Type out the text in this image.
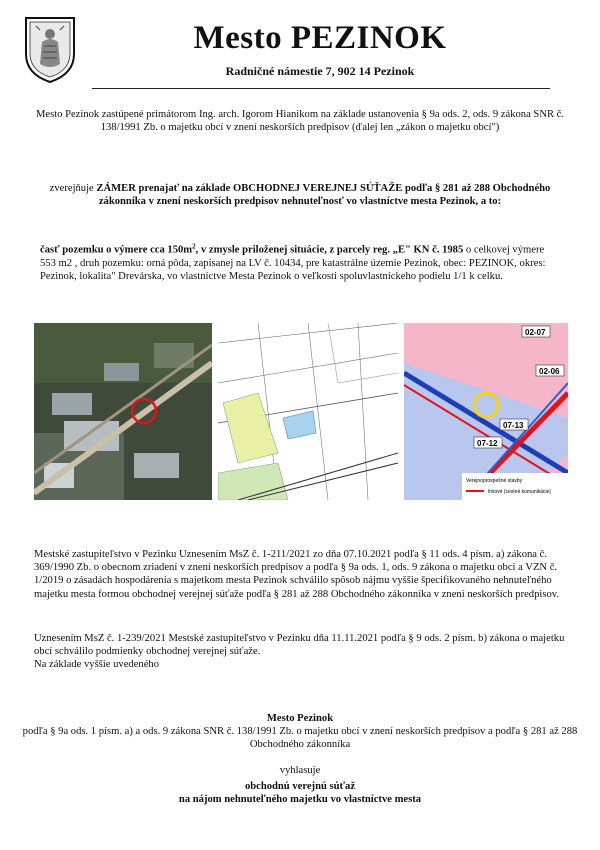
Mesto PEZINOK
Radničné námestie 7, 902 14 Pezinok

Mesto Pezinok zastúpené primátorom Ing. arch. Igorom Hianikom na základe ustanovenia § 9a ods. 2, ods. 9 zákona SNR č. 138/1991 Zb. o majetku obcí v znení neskorších predpisov (ďalej len „zákon o majetku obcí")

zverejňuje ZÁMER prenajať na základe OBCHODNEJ VEREJNEJ SÚŤAŽE podľa § 281 až 288 Obchodného zákonníka v znení neskorších predpisov nehnuteľnosť vo vlastníctve mesta Pezinok, a to:

časť pozemku o výmere cca $150m^2$, v zmysle priloženej situácie, z parcely reg. „E" KN č. 1985 o celkovej výmere 553 m2 , druh pozemku: orná pôda, zapísanej na LV č. 10434, pre katastrálne územie Pezinok, obec: PEZINOK, okres: Pezinok, lokalita" Drevárska, vo vlastníctve Mesta Pezinok o veľkosti spoluvlastníckeho podielu 1/1 k celku.

02-07
02-06
07-13
07-12
Verejnoprospešné stavby
líniové (cestné komunikácie)

Mestské zastupiteľstvo v Pezinku Uznesením MsZ č. 1-211/2021 zo dňa 07.10.2021 podľa § 11 ods. 4 písm. a) zákona č. 369/1990 Zb. o obecnom zriadení v znení neskorších predpisov a podľa § 9a ods. 1, ods. 9 zákona o majetku obcí a VZN č. 1/2019 o zásadách hospodárenia s majetkom mesta Pezinok schválilo spôsob nájmu vyššie špecifikovaného nehnuteľného majetku mesta formou obchodnej verejnej súťaže podľa § 281 až 288 Obchodného zákonníka v znení neskorších predpisov.

Uznesením MsZ č. 1-239/2021 Mestské zastupiteľstvo v Pezinku dňa 11.11.2021 podľa § 9 ods. 2 písm. b) zákona o majetku obcí schválilo podmienky obchodnej verejnej súťaže.
Na základe vyššie uvedeného

Mesto Pezinok

podľa § 9a ods. 1 písm. a) a ods. 9 zákona SNR č. 138/1991 Zb. o majetku obcí v znení neskorších predpisov a podľa § 281 až 288 Obchodného zákonníka

vyhlasuje

obchodnú verejnú súťaž
na nájom nehnuteľného majetku vo vlastníctve mesta
